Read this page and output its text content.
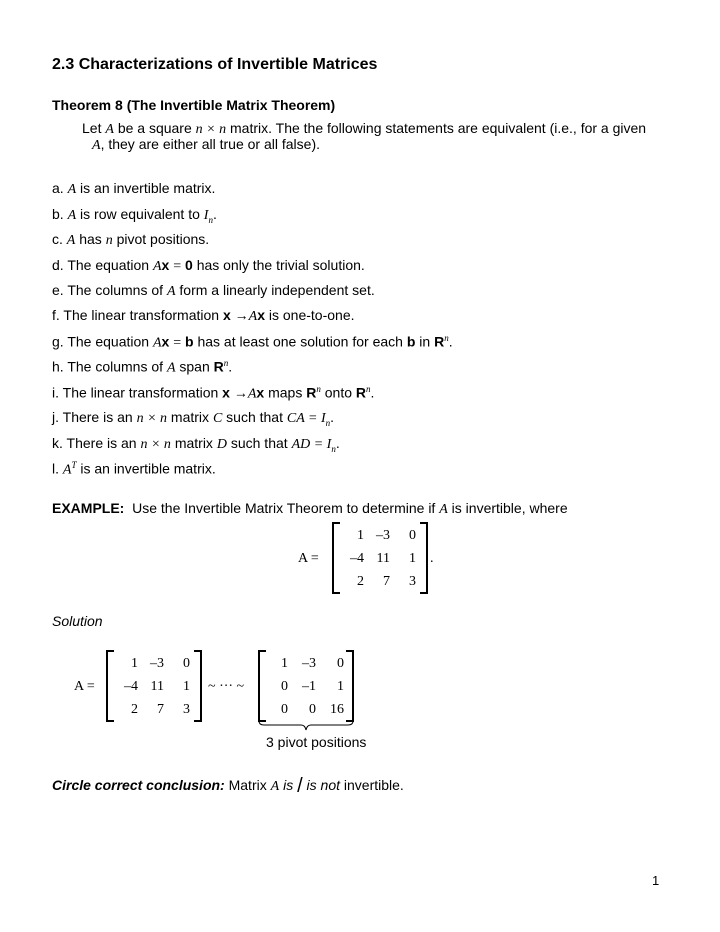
2.3 Characterizations of Invertible Matrices
Theorem 8 (The Invertible Matrix Theorem)
Let A be a square n × n matrix. The the following statements are equivalent (i.e., for a given
A, they are either all true or all false).
a. A is an invertible matrix.
b. A is row equivalent to $I_n$.
c. A has n pivot positions.
d. The equation Ax = 0 has only the trivial solution.
e. The columns of A form a linearly independent set.
f. The linear transformation x →Ax is one-to-one.
g. The equation Ax = b has at least one solution for each b in $R^n$.
h. The columns of A span $R^n$.
i. The linear transformation x →Ax maps $R^n$ onto $R^n$.
j. There is an n × n matrix C such that CA = $I_n$.
k. There is an n × n matrix D such that AD = $I_n$.
l. $A^T$ is an invertible matrix.
EXAMPLE: Use the Invertible Matrix Theorem to determine if A is invertible, where
A =
1 –3	0
–4 11	1
2	7	3
.
Solution
A =
1 –3	0
–4 11	1
2	7	3
~ ··· ~
1	–3	0
0	–1	1
0	0	16
3 pivot positions
Circle correct conclusion: Matrix A is / is not invertible.
1
